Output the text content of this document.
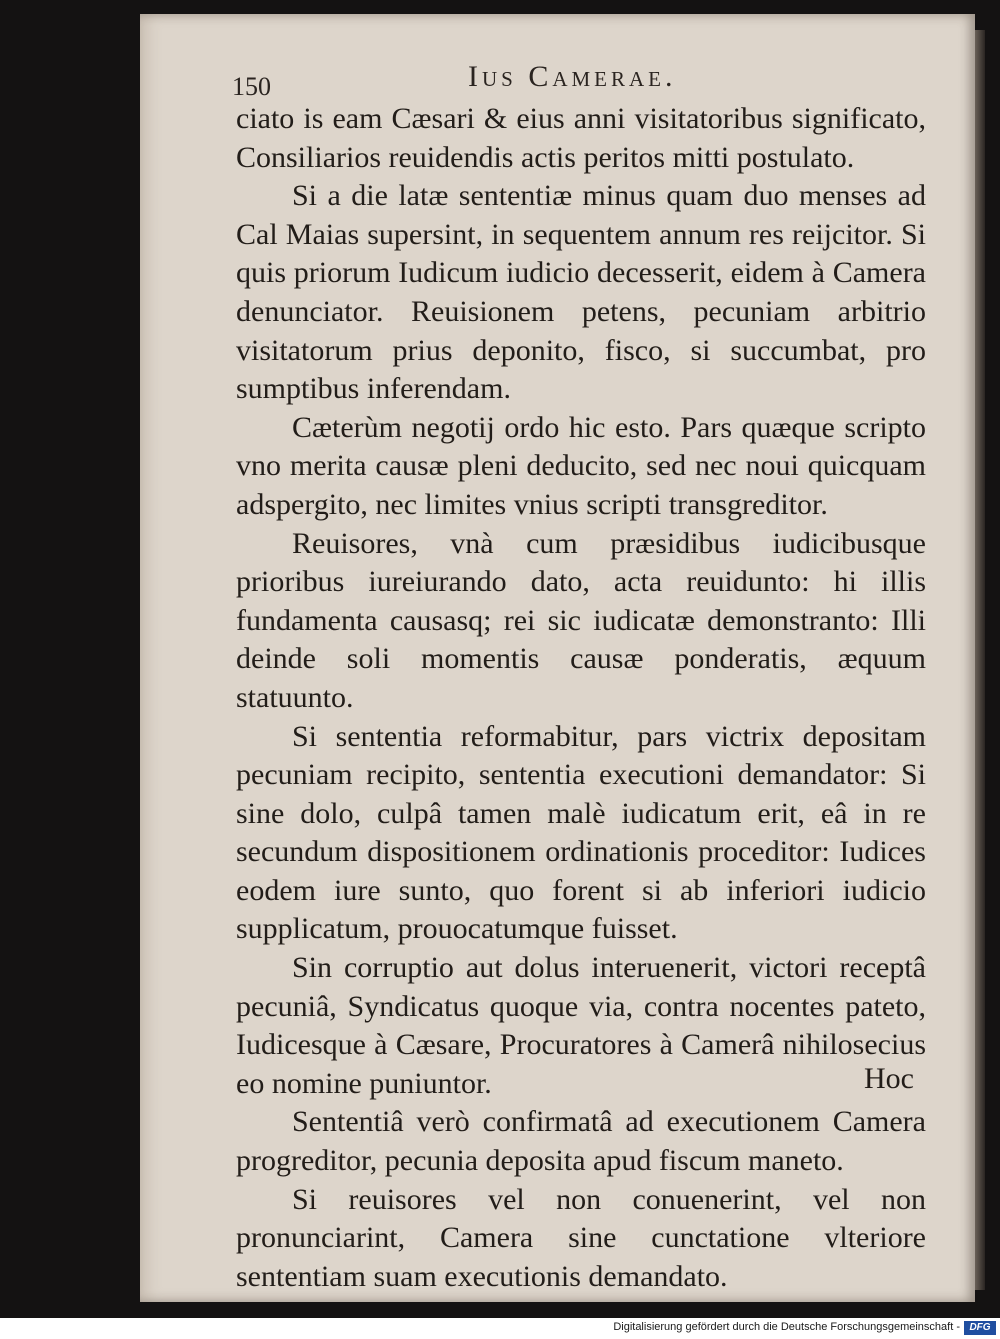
150	Ius Camerae.

ciato is eam Cæsari & eius anni visitatoribus significato, Consiliarios reuidendis actis peritos mitti postulato.

Si a die latæ sententiæ minus quam duo menses ad Cal Maias supersint, in sequentem annum res reijcitor. Si quis priorum Iudicum iudicio decesserit, eidem à Camera denunciator. Reuisionem petens, pecuniam arbitrio visitatorum prius deponito, fisco, si succumbat, pro sumptibus inferendam.

Cæterùm negotij ordo hic esto. Pars quæque scripto vno merita causæ pleni deducito, sed nec noui quicquam adspergito, nec limites vnius scripti transgreditor.

Reuisores, vnà cum præsidibus iudicibusque prioribus iureiurando dato, acta reuidunto: hi illis fundamenta causasq; rei sic iudicatæ demonstranto: Illi deinde soli momentis causæ ponderatis, æquum statuunto.

Si sententia reformabitur, pars victrix depositam pecuniam recipito, sententia executioni demandator: Si sine dolo, culpâ tamen malè iudicatum erit, eâ in re secundum dispositionem ordinationis proceditor: Iudices eodem iure sunto, quo forent si ab inferiori iudicio supplicatum, prouocatumque fuisset.

Sin corruptio aut dolus interuenerit, victori receptâ pecuniâ, Syndicatus quoque via, contra nocentes pateto, Iudicesque à Cæsare, Procuratores à Camerâ nihilosecius eo nomine puniuntor.

Sententiâ verò confirmatâ ad executionem Camera progreditor, pecunia deposita apud fiscum maneto.

Si reuisores vel non conuenerint, vel non pronunciarint, Camera sine cunctatione vlteriore sententiam suam executionis demandato.

Hoc
Digitalisierung gefördert durch die Deutsche Forschungsgemeinschaft - DFG
